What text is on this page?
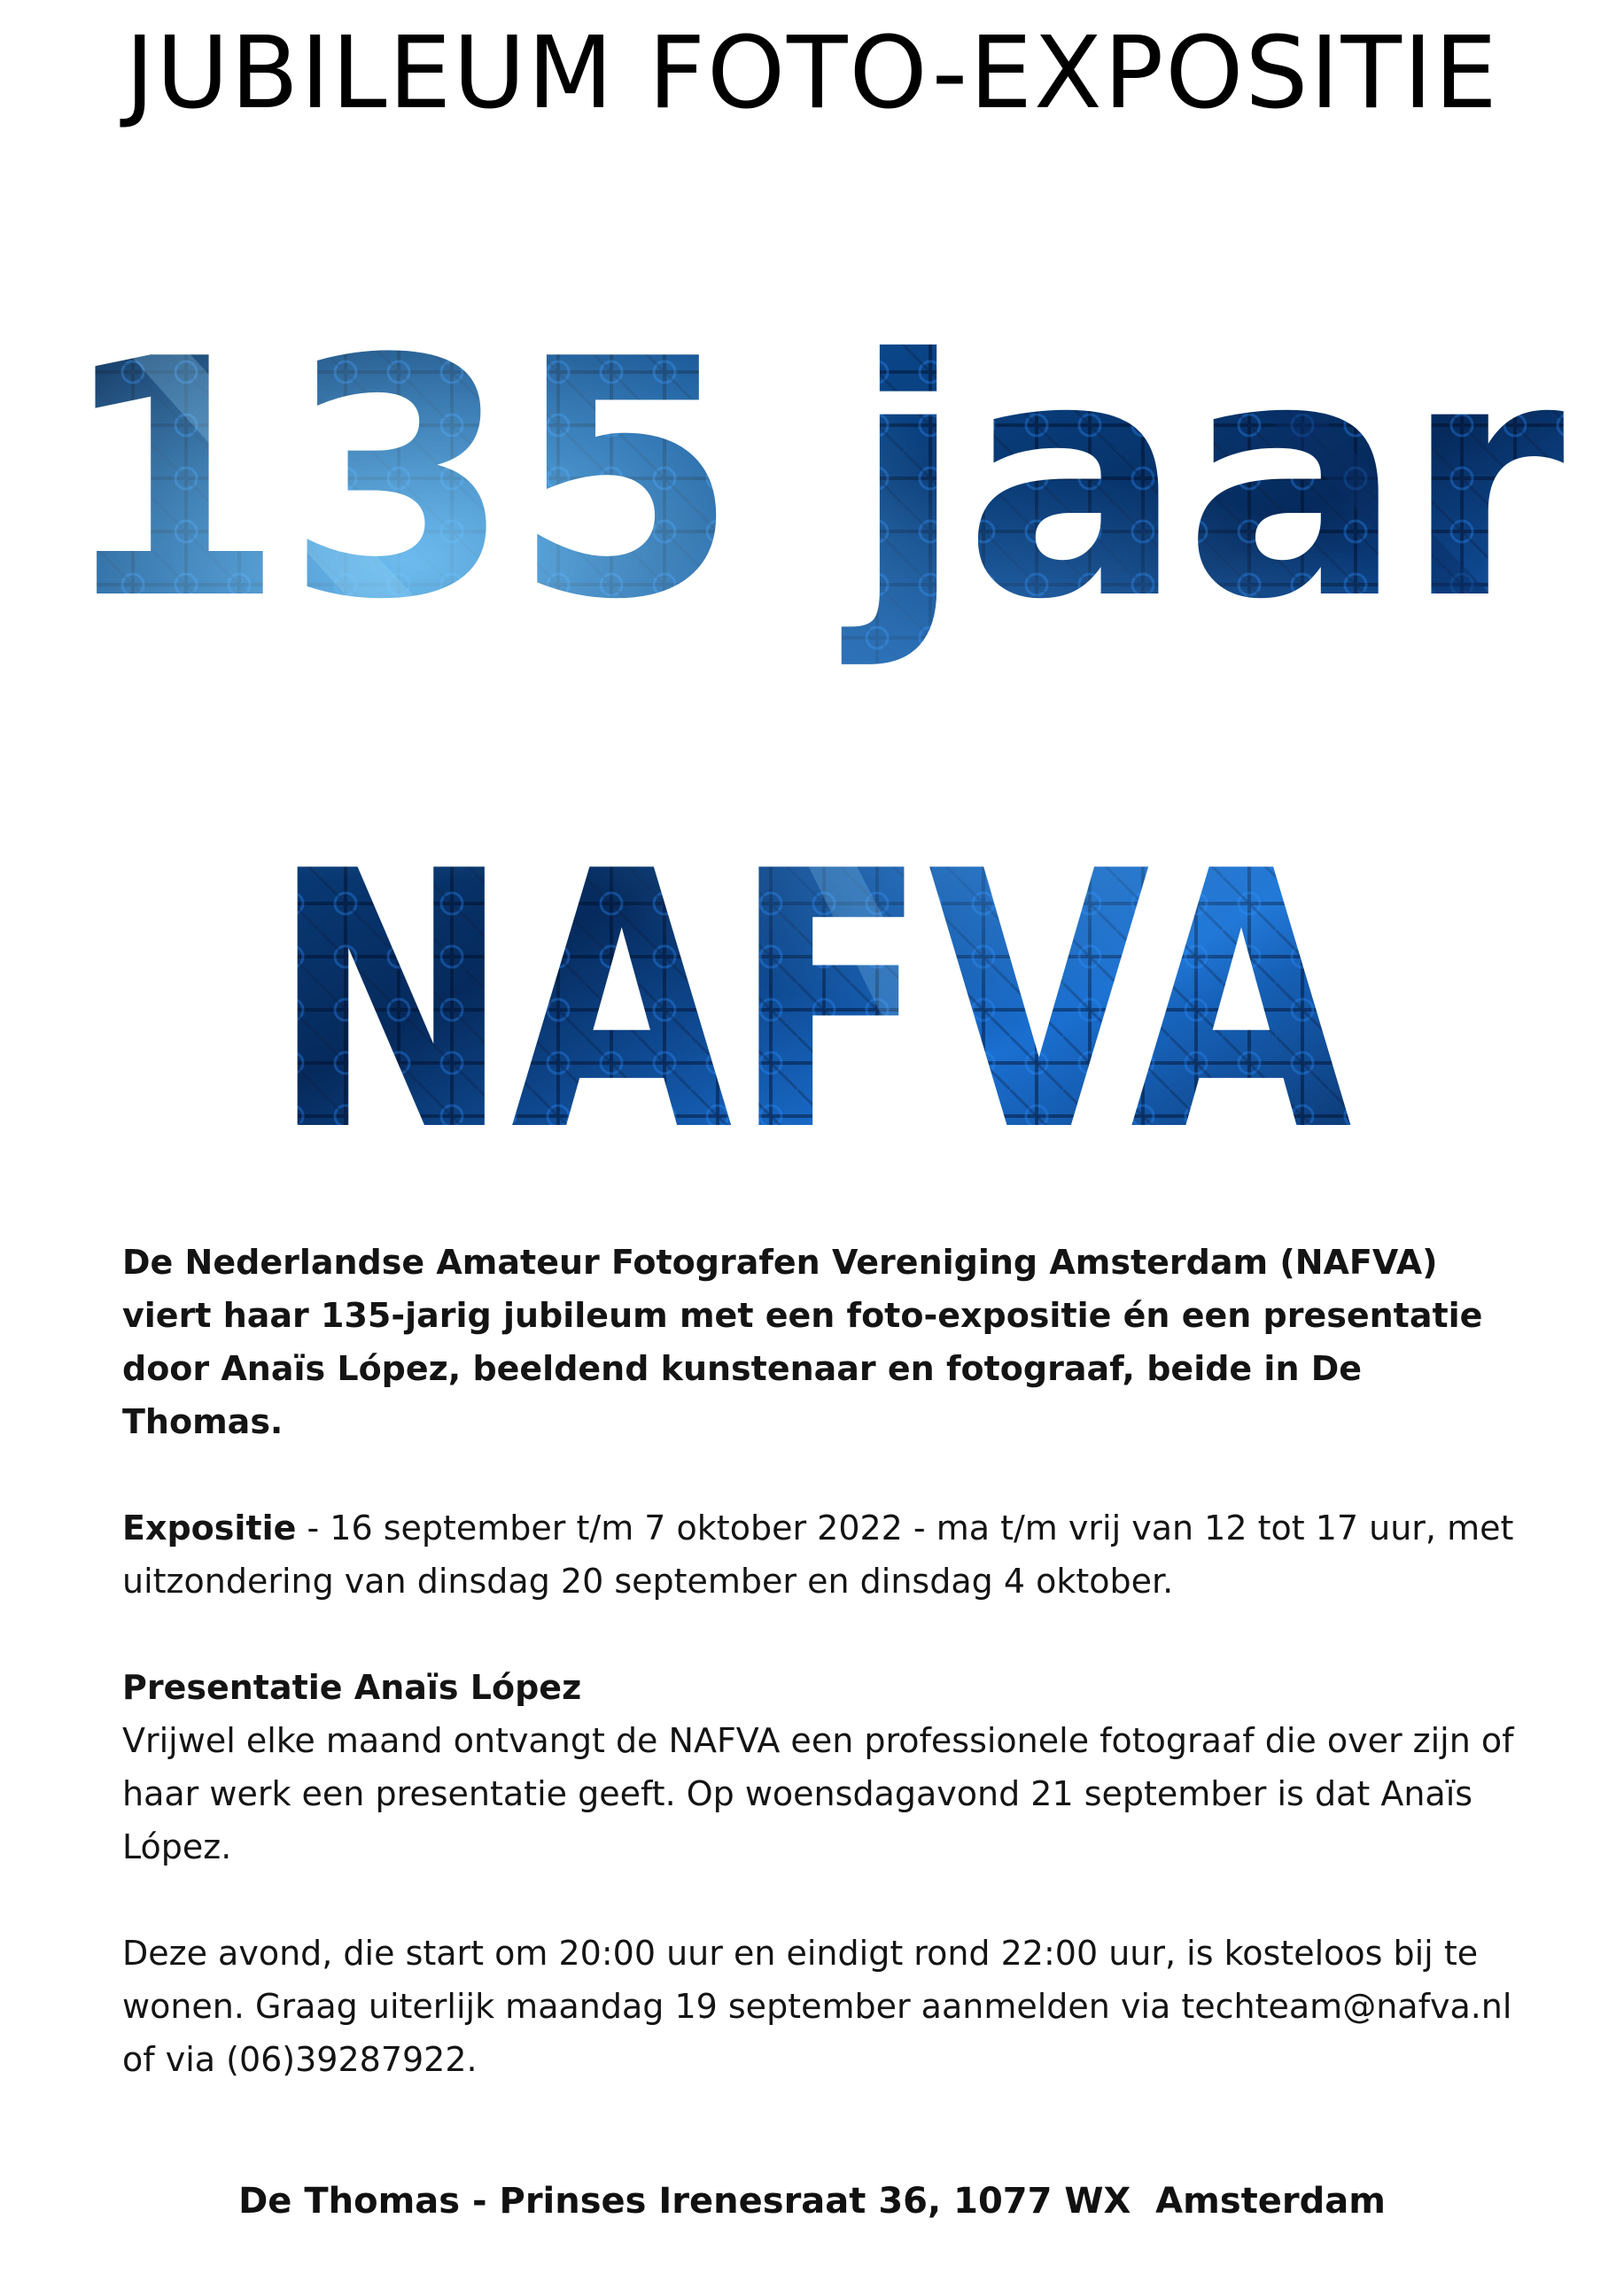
JUBILEUM FOTO-EXPOSITIE

De Nederlandse Amateur Fotografen Vereniging Amsterdam (NAFVA) viert haar 135-jarig jubileum met een foto-expositie én een presentatie door Anaïs López, beeldend kunstenaar en fotograaf, beide in De Thomas.

Expositie - 16 september t/m 7 oktober 2022 - ma t/m vrij van 12 tot 17 uur, met uitzondering van dinsdag 20 september en dinsdag 4 oktober.

Presentatie Anaïs López

Vrijwel elke maand ontvangt de NAFVA een professionele fotograaf die over zijn of haar werk een presentatie geeft. Op woensdagavond 21 september is dat Anaïs López.

Deze avond, die start om 20:00 uur en eindigt rond 22:00 uur, is kosteloos bij te wonen. Graag uiterlijk maandag 19 september aanmelden via techteam@nafva.nl of via (06)39287922.

De Thomas - Prinses Irenesraat 36, 1077 WX  Amsterdam
